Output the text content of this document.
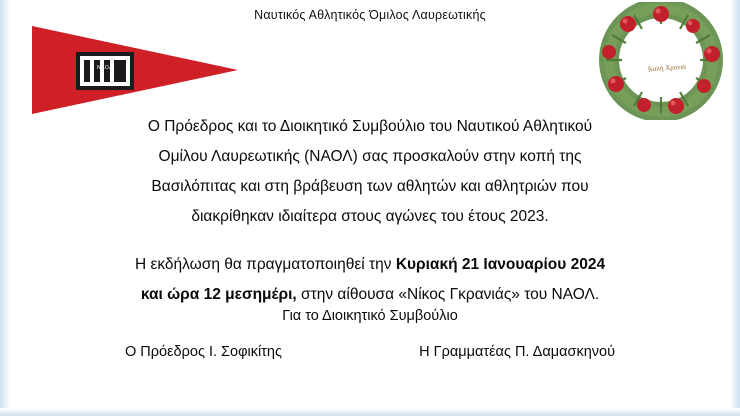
Ναυτικός Αθλητικός Όμιλος Λαυρεωτικής
ΝΑΟΛ	Καλή Χρονιά
Ο Πρόεδρος και το Διοικητικό Συμβούλιο του Ναυτικού Αθλητικού
Ομίλου Λαυρεωτικής (ΝΑΟΛ) σας προσκαλούν στην κοπή της
Βασιλόπιτας και στη βράβευση των αθλητών και αθλητριών που
διακρίθηκαν ιδιαίτερα στους αγώνες του έτους 2023.
Η εκδήλωση θα πραγματοποιηθεί την Κυριακή 21 Ιανουαρίου 2024
και ώρα 12 μεσημέρι, στην αίθουσα «Νίκος Γκρανιάς» του ΝΑΟΛ.
Για το Διοικητικό Συμβούλιο
Ο Πρόεδρος Ι. Σοφικίτης	Η Γραμματέας Π. Δαμασκηνού
